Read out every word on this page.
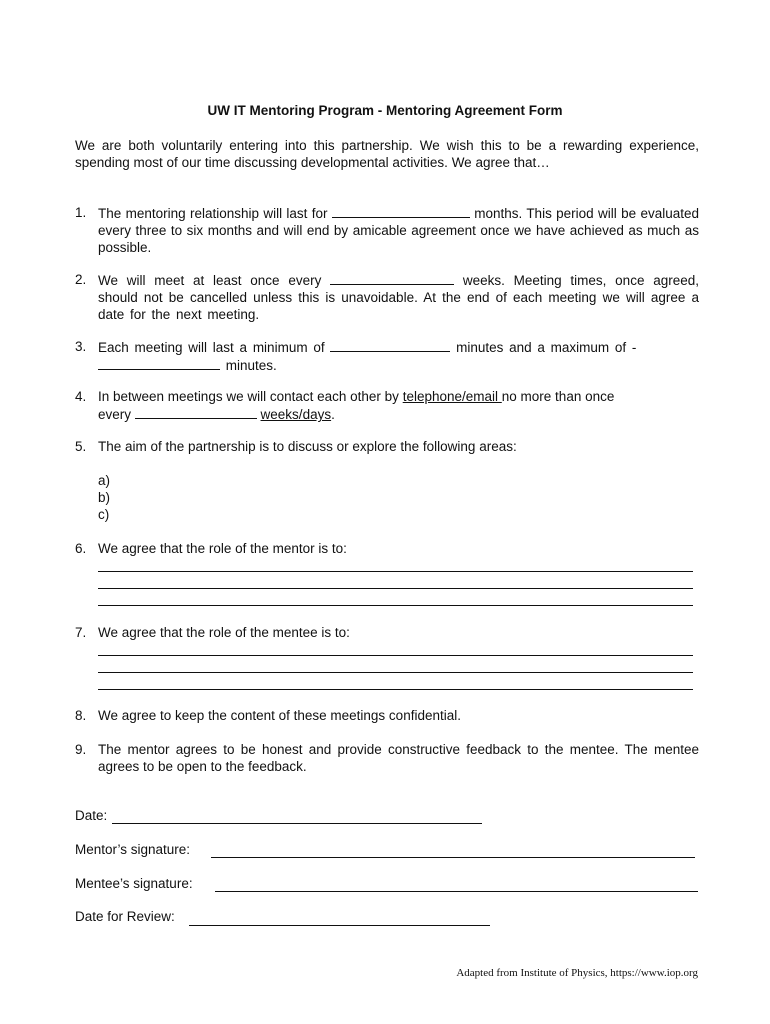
UW IT Mentoring Program - Mentoring Agreement Form
We are both voluntarily entering into this partnership. We wish this to be a rewarding experience, spending most of our time discussing developmental activities. We agree that…
1. The mentoring relationship will last for	months. This period will be evaluated every three to six months and will end by amicable agreement once we have achieved as much as possible.
2. We will meet at least once every	weeks. Meeting times, once agreed, should not be cancelled unless this is unavoidable. At the end of each meeting we will agree a date for the next meeting.
3. Each meeting will last a minimum of	minutes and a maximum of -
minutes.
4. In between meetings we will contact each other by telephone/email no more than once
every	weeks/days.
5. The aim of the partnership is to discuss or explore the following areas:
a)
b)
c)
6. We agree that the role of the mentor is to:
7. We agree that the role of the mentee is to:
8. We agree to keep the content of these meetings confidential.
9. The mentor agrees to be honest and provide constructive feedback to the mentee. The mentee agrees to be open to the feedback.
Date:
Mentor’s signature:
Mentee’s signature:
Date for Review:
Adapted from Institute of Physics, https://www.iop.org
